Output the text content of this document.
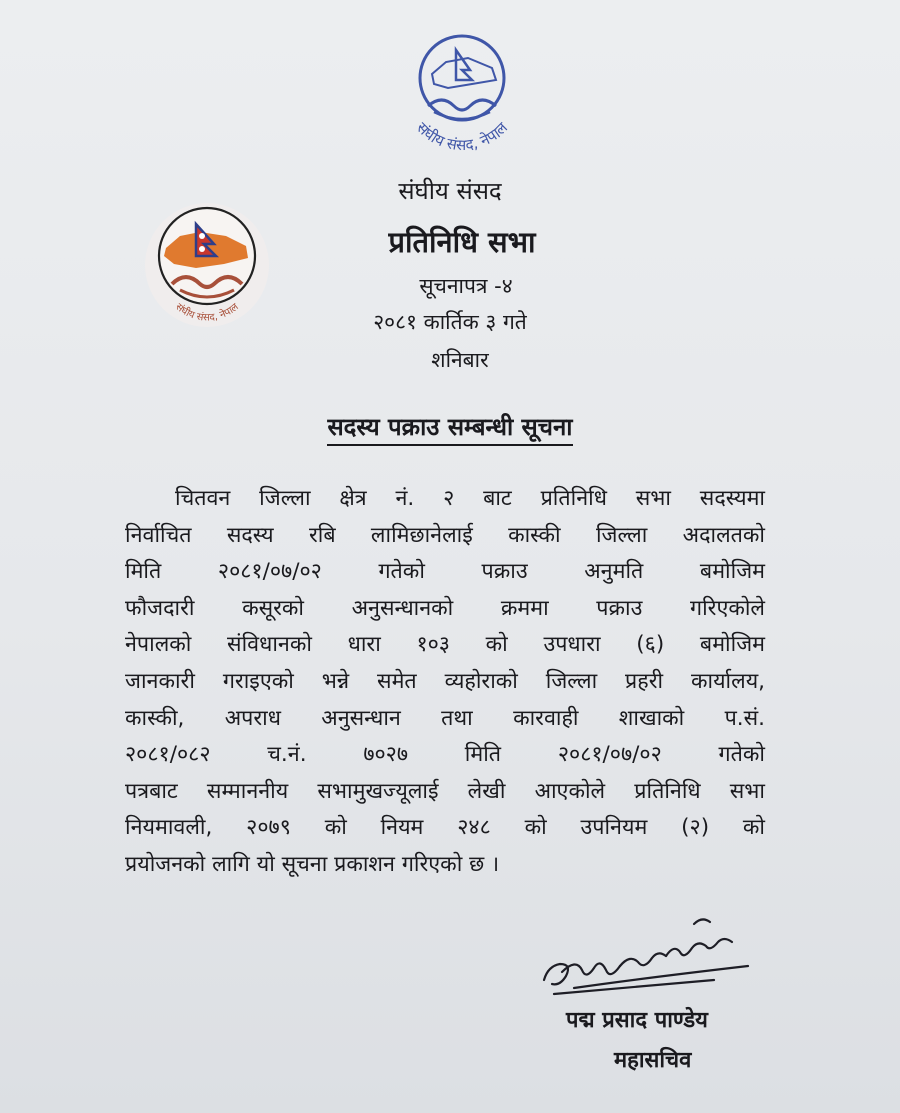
संघीय संसद, नेपाल
संघीय संसद, नेपाल
संघीय संसद
प्रतिनिधि सभा
सूचनापत्र -४
२०८१ कार्तिक ३ गते
शनिबार
सदस्य पक्राउ सम्बन्धी सूचना
चितवन जिल्ला क्षेत्र नं. २ बाट प्रतिनिधि सभा सदस्यमा
निर्वाचित सदस्य रबि लामिछानेलाई कास्की जिल्ला अदालतको
मिति २०८१/०७/०२ गतेको पक्राउ अनुमति बमोजिम
फौजदारी कसूरको अनुसन्धानको क्रममा पक्राउ गरिएकोले
नेपालको संविधानको धारा १०३ को उपधारा (६) बमोजिम
जानकारी गराइएको भन्ने समेत व्यहोराको जिल्ला प्रहरी कार्यालय,
कास्की, अपराध अनुसन्धान तथा कारवाही शाखाको प.सं.
२०८१/०८२ च.नं. ७०२७ मिति २०८१/०७/०२ गतेको
पत्रबाट सम्माननीय सभामुखज्यूलाई लेखी आएकोले प्रतिनिधि सभा
नियमावली, २०७९ को नियम २४८ को उपनियम (२) को
प्रयोजनको लागि यो सूचना प्रकाशन गरिएको छ ।
पद्म प्रसाद पाण्डेय
महासचिव
